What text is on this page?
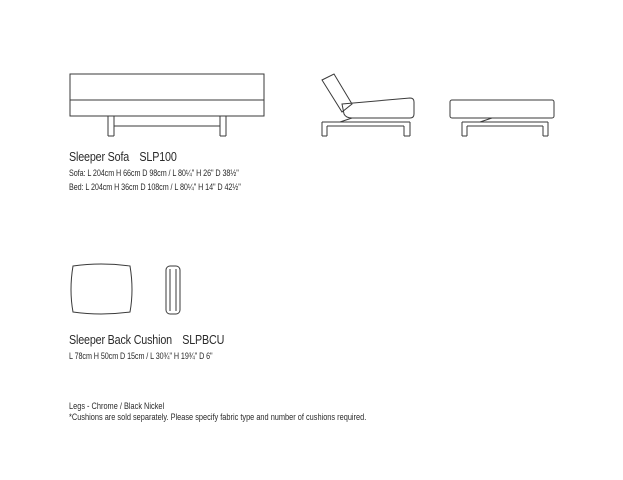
Sleeper Sofa SLP100
Sofa: L 204cm H 66cm D 98cm / L 80¼" H 26" D 38½"
Bed: L 204cm H 36cm D 108cm / L 80¼" H 14" D 42½"
Sleeper Back Cushion SLPBCU
L 78cm H 50cm D 15cm / L 30¾" H 19¾" D 6"
Legs - Chrome / Black Nickel
*Cushions are sold separately. Please specify fabric type and number of cushions required.
